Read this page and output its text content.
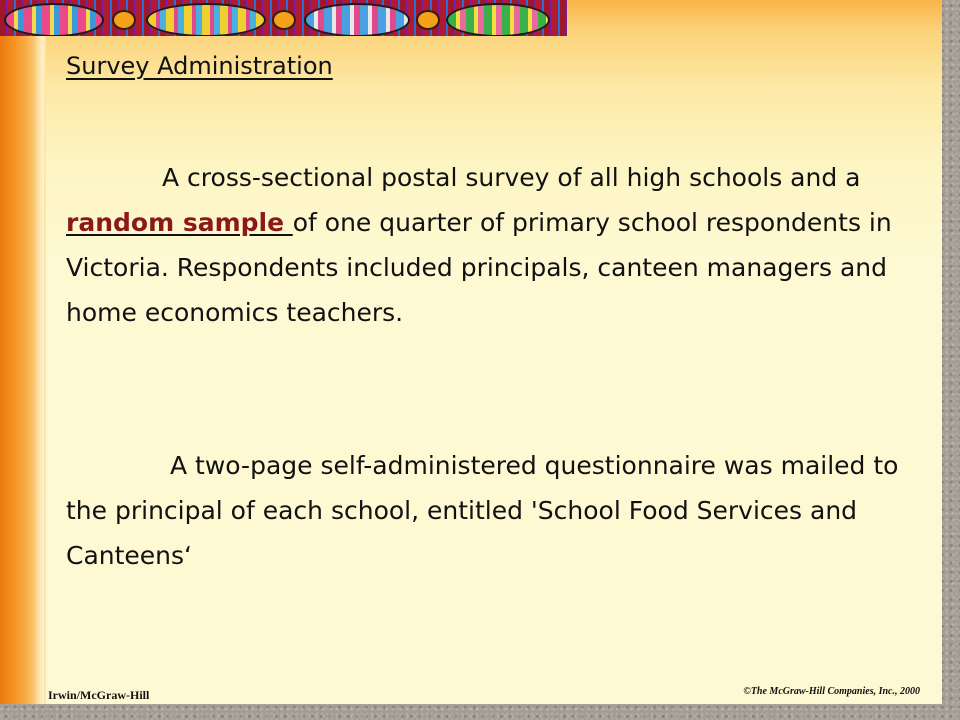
Survey Administration

A cross-sectional postal survey of all high schools and a random sample of one quarter of primary school respondents in Victoria. Respondents included principals, canteen managers and home economics teachers.

A two-page self-administered questionnaire was mailed to the principal of each school, entitled 'School Food Services and Canteens‘

Irwin/McGraw-Hill	©The McGraw-Hill Companies, Inc., 2000
